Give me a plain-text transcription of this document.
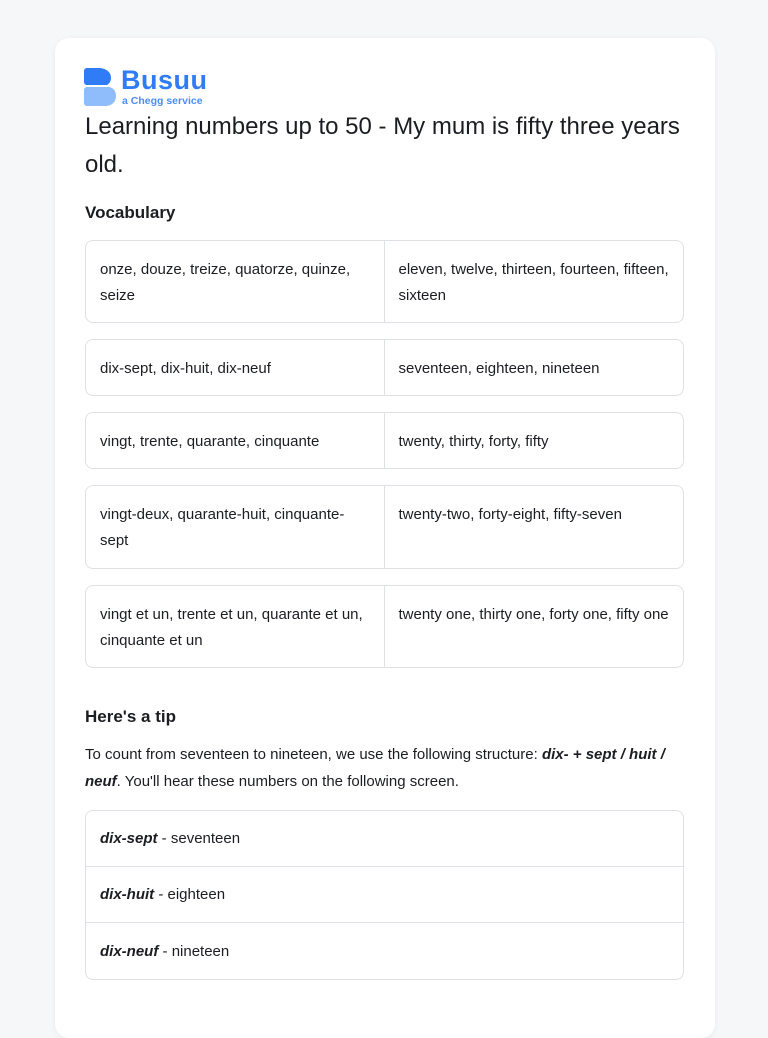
Busuu
a Chegg service
Learning numbers up to 50 - My mum is fifty three years old.
Vocabulary
onze, douze, treize, quatorze, quinze, seize
eleven, twelve, thirteen, fourteen, fifteen, sixteen
dix-sept, dix-huit, dix-neuf	seventeen, eighteen, nineteen
vingt, trente, quarante, cinquante	twenty, thirty, forty, fifty
vingt-deux, quarante-huit, cinquante-sept
twenty-two, forty-eight, fifty-seven
vingt et un, trente et un, quarante et un, cinquante et un
twenty one, thirty one, forty one, fifty one
Here's a tip
To count from seventeen to nineteen, we use the following structure: dix- + sept / huit / neuf. You'll hear these numbers on the following screen.
dix-sept - seventeen
dix-huit - eighteen
dix-neuf - nineteen
